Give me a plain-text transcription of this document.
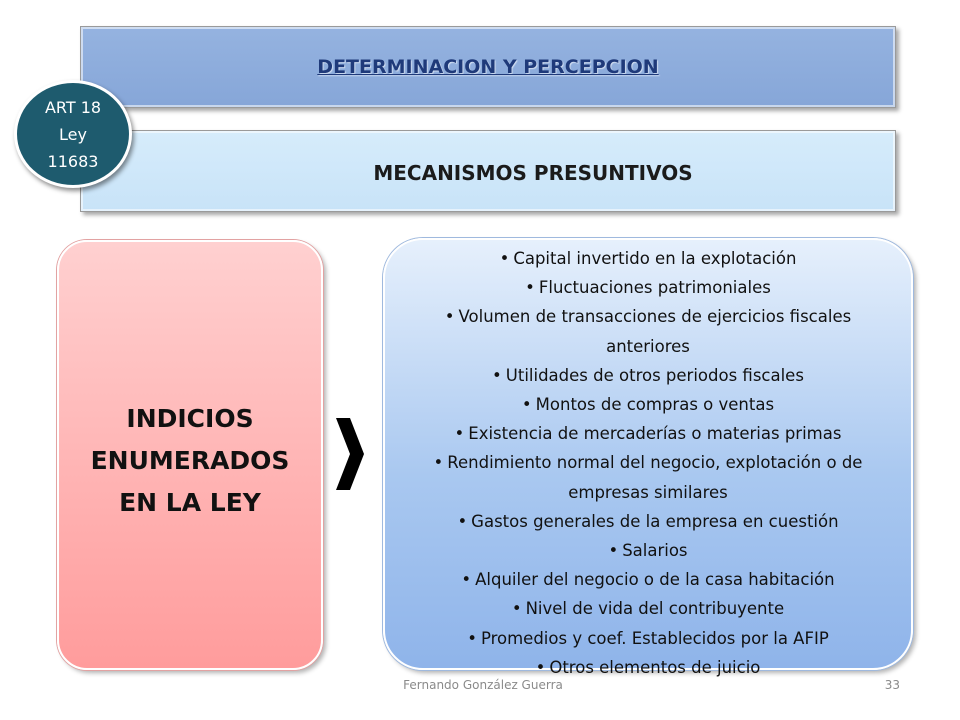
DETERMINACION Y PERCEPCION
MECANISMOS PRESUNTIVOS
ART 18
Ley
11683
INDICIOS
ENUMERADOS
EN LA LEY
• Capital invertido en la explotación
• Fluctuaciones patrimoniales
• Volumen de transacciones de ejercicios fiscales anteriores
• Utilidades de otros periodos fiscales
• Montos de compras o ventas
• Existencia de mercaderías o materias primas
• Rendimiento normal del negocio, explotación o de empresas similares
• Gastos generales de la empresa en cuestión
• Salarios
• Alquiler del negocio o de la casa habitación
• Nivel de vida del contribuyente
• Promedios y coef. Establecidos por la AFIP
• Otros elementos de juicio
Fernando González Guerra	33
